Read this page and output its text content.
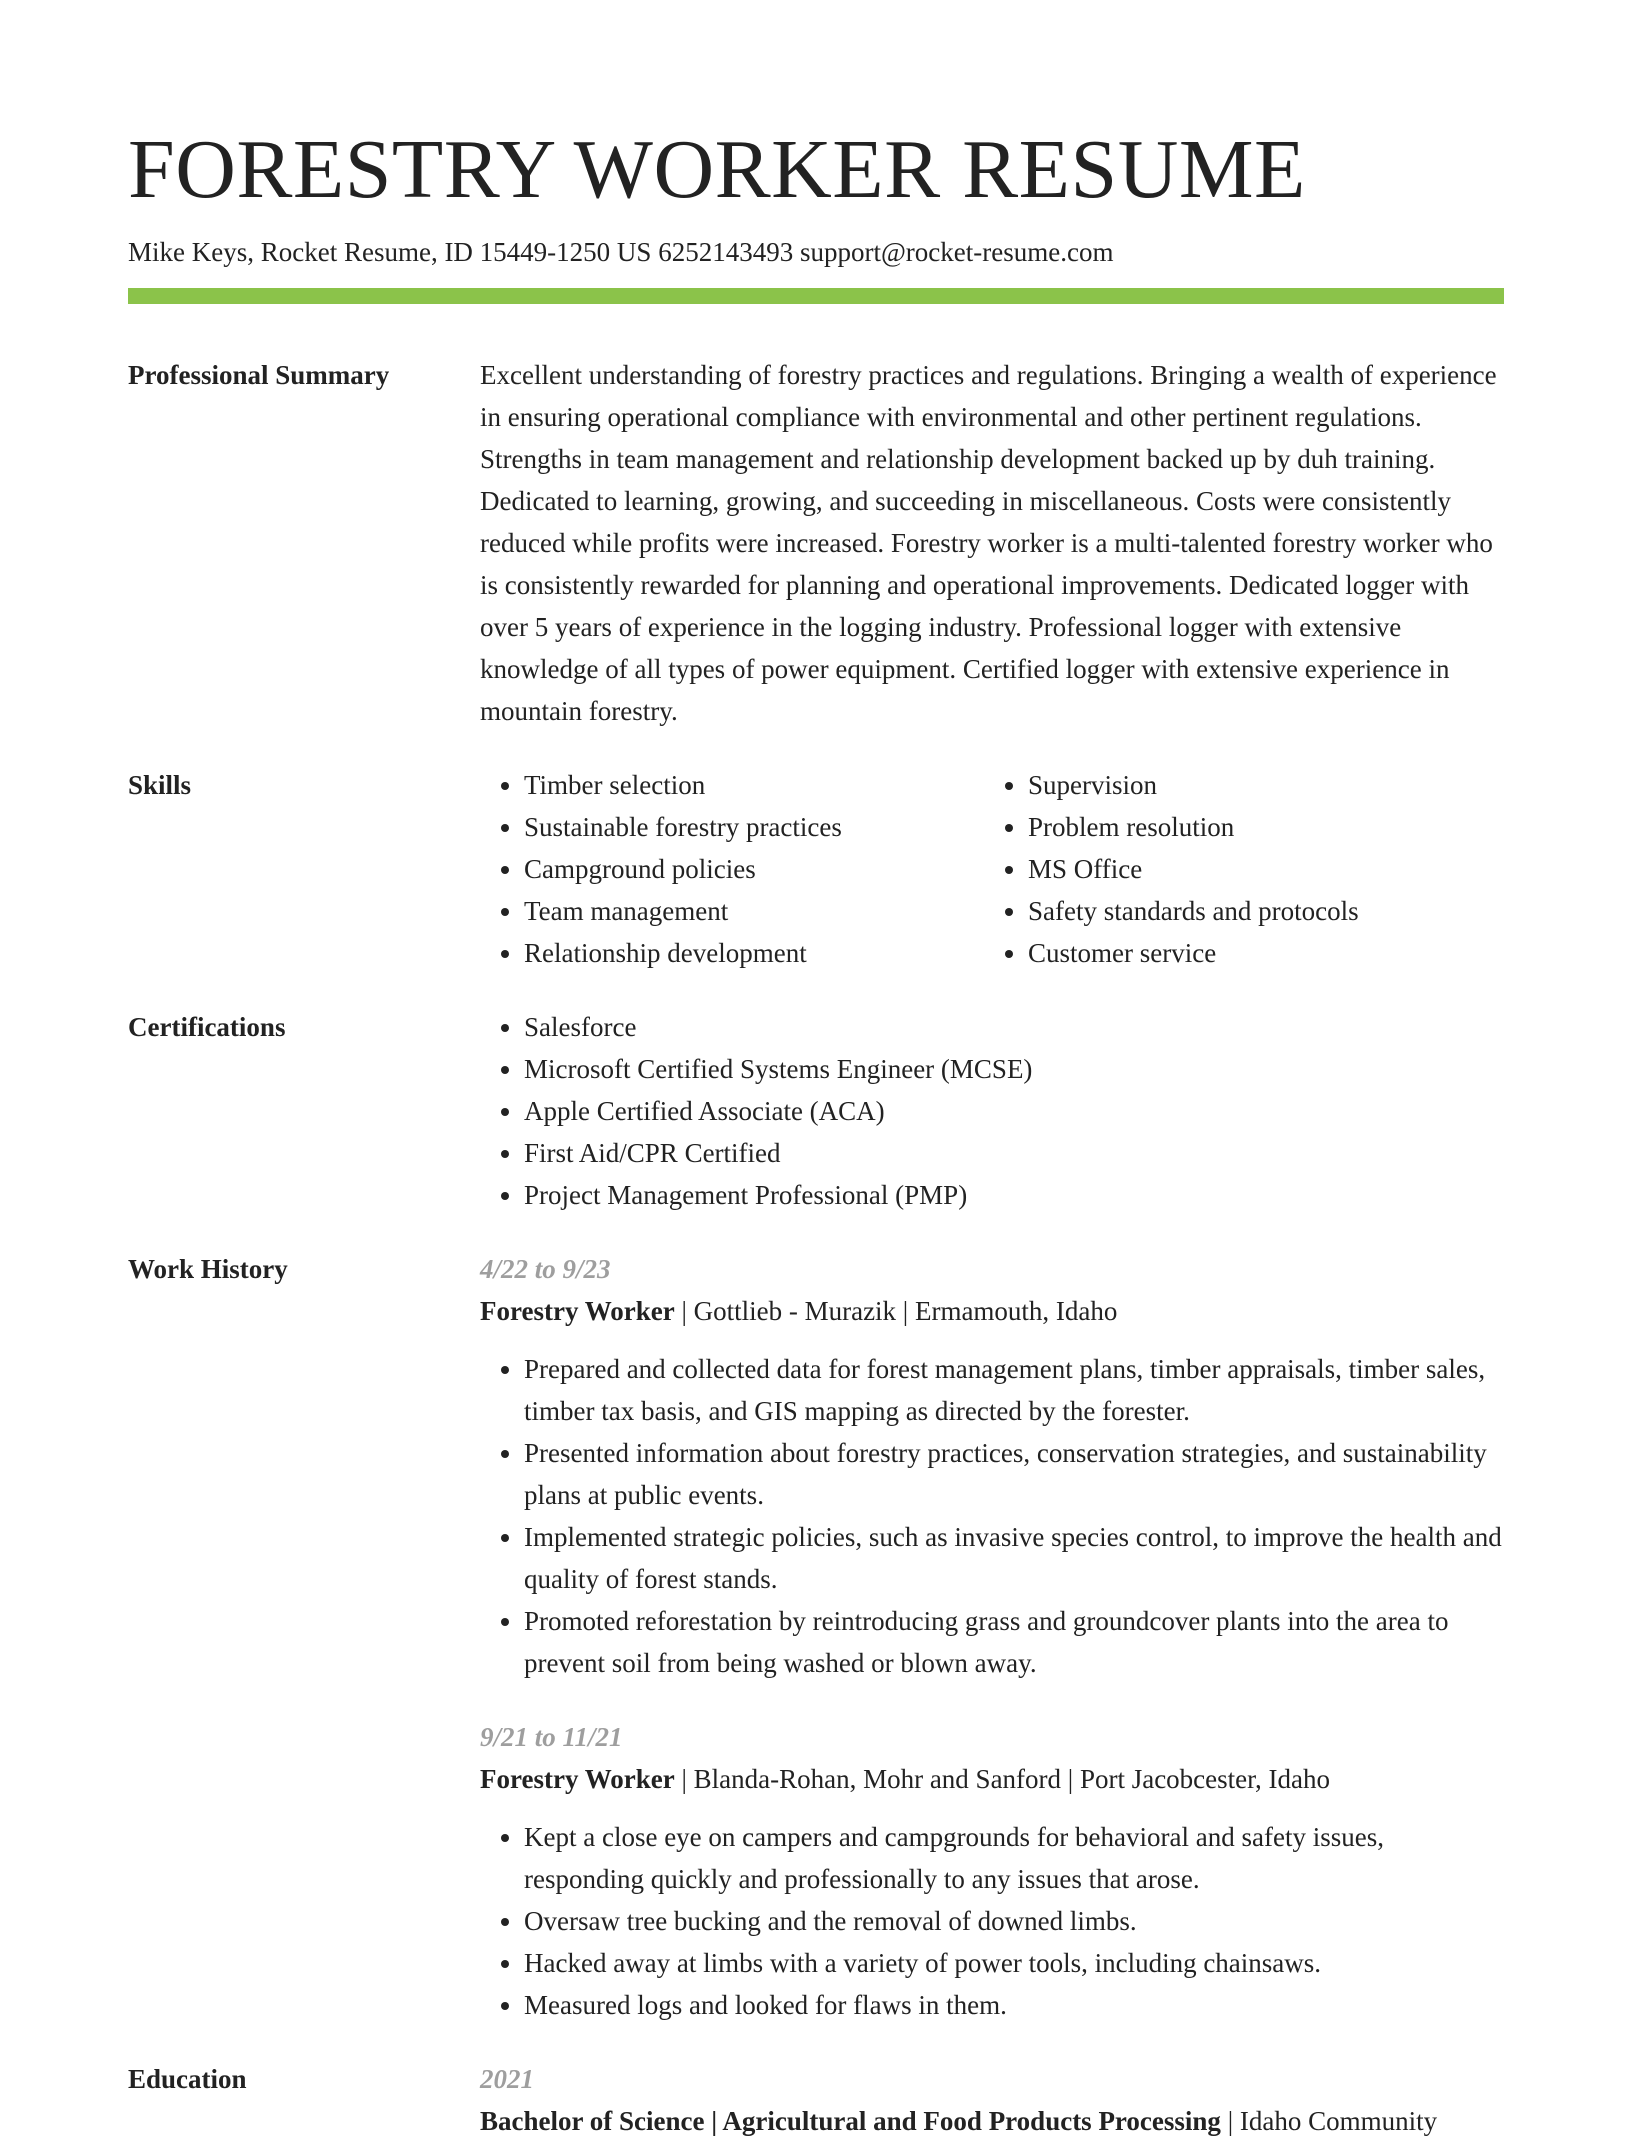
FORESTRY WORKER RESUME
Mike Keys, Rocket Resume, ID 15449-1250 US 6252143493 support@rocket-resume.com
Professional Summary	Excellent understanding of forestry practices and regulations. Bringing a wealth of experience in ensuring operational compliance with environmental and other pertinent regulations. Strengths in team management and relationship development backed up by duh training. Dedicated to learning, growing, and succeeding in miscellaneous. Costs were consistently reduced while profits were increased. Forestry worker is a multi-talented forestry worker who is consistently rewarded for planning and operational improvements. Dedicated logger with over 5 years of experience in the logging industry. Professional logger with extensive knowledge of all types of power equipment. Certified logger with extensive experience in mountain forestry.
Skills	• Timber selection
• Sustainable forestry practices
• Campground policies
• Team management
• Relationship development
• Supervision
• Problem resolution
• MS Office
• Safety standards and protocols
• Customer service
Certifications	• Salesforce
• Microsoft Certified Systems Engineer (MCSE)
• Apple Certified Associate (ACA)
• First Aid/CPR Certified
• Project Management Professional (PMP)
Work History	4/22 to 9/23
Forestry Worker | Gottlieb - Murazik | Ermamouth, Idaho
• Prepared and collected data for forest management plans, timber appraisals, timber sales, timber tax basis, and GIS mapping as directed by the forester.
• Presented information about forestry practices, conservation strategies, and sustainability plans at public events.
• Implemented strategic policies, such as invasive species control, to improve the health and quality of forest stands.
• Promoted reforestation by reintroducing grass and groundcover plants into the area to prevent soil from being washed or blown away.
9/21 to 11/21
Forestry Worker | Blanda-Rohan, Mohr and Sanford | Port Jacobcester, Idaho
• Kept a close eye on campers and campgrounds for behavioral and safety issues, responding quickly and professionally to any issues that arose.
• Oversaw tree bucking and the removal of downed limbs.
• Hacked away at limbs with a variety of power tools, including chainsaws.
• Measured logs and looked for flaws in them.
Education	2021
Bachelor of Science | Agricultural and Food Products Processing | Idaho Community
